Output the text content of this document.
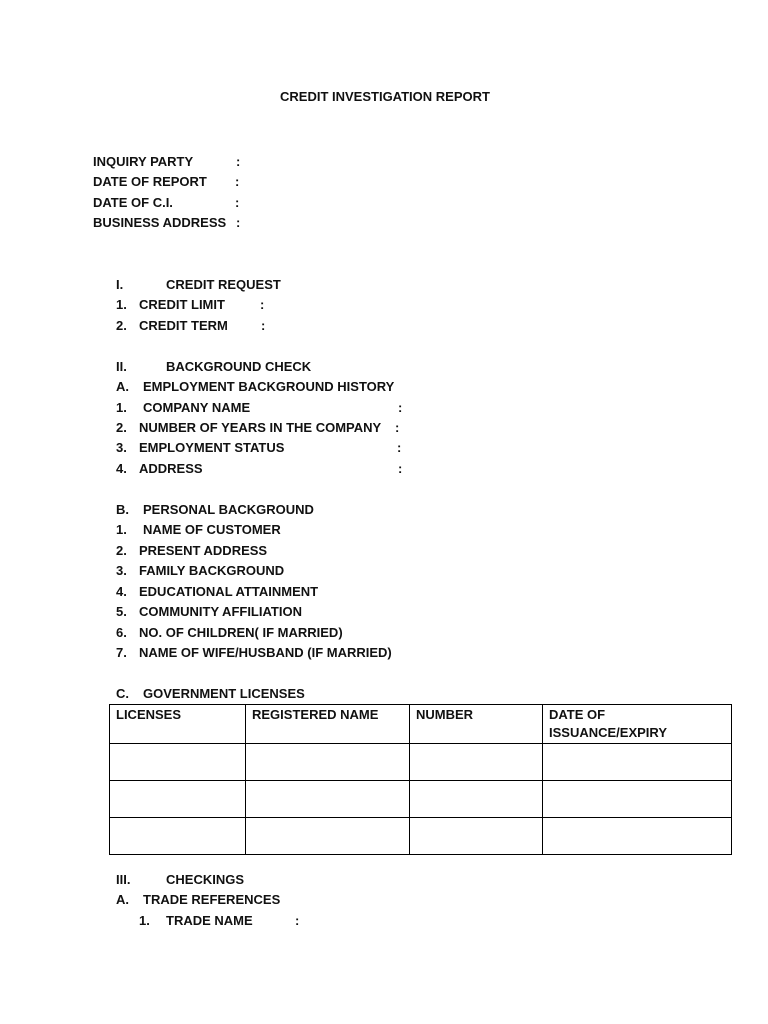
CREDIT INVESTIGATION REPORT
INQUIRY PARTY	:
DATE OF REPORT :
DATE OF C.I.	:
BUSINESS ADDRESS :
I.	CREDIT REQUEST
1. CREDIT LIMIT	:
2. CREDIT TERM	:
II.	BACKGROUND CHECK
A. EMPLOYMENT BACKGROUND HISTORY
1. COMPANY NAME	:
2. NUMBER OF YEARS IN THE COMPANY :
3. EMPLOYMENT STATUS	:
4. ADDRESS	:
B. PERSONAL BACKGROUND
1. NAME OF CUSTOMER
2. PRESENT ADDRESS
3. FAMILY BACKGROUND
4. EDUCATIONAL ATTAINMENT
5. COMMUNITY AFFILIATION
6. NO. OF CHILDREN( IF MARRIED)
7. NAME OF WIFE/HUSBAND (IF MARRIED)
C. GOVERNMENT LICENSES
LICENSES	REGISTERED NAME	NUMBER	DATE OF ISSUANCE/EXPIRY

III.	CHECKINGS
A. TRADE REFERENCES
1. TRADE NAME	:
